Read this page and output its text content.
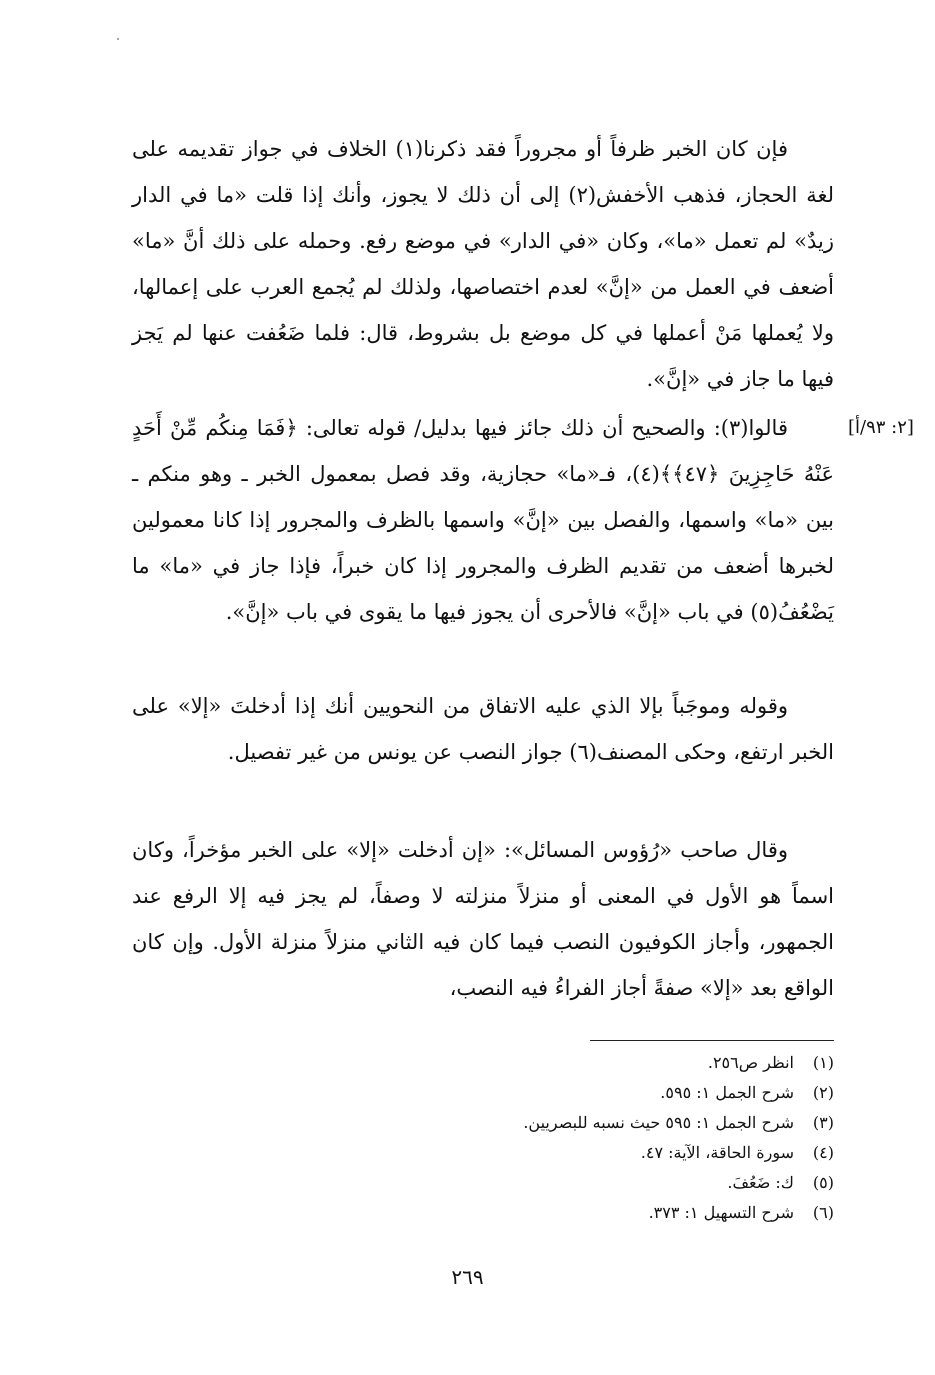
فإن كان الخبر ظرفاً أو مجروراً فقد ذكرنا(١) الخلاف في جواز تقديمه على لغة الحجاز، فذهب الأخفش(٢) إلى أن ذلك لا يجوز، وأنك إذا قلت «ما في الدار زيدٌ» لم تعمل «ما»، وكان «في الدار» في موضع رفع. وحمله على ذلك أنَّ «ما» أضعف في العمل من «إنَّ» لعدم اختصاصها، ولذلك لم يُجمع العرب على إعمالها، ولا يُعملها مَنْ أعملها في كل موضع بل بشروط، قال: فلما ضَعُفت عنها لم يَجز فيها ما جاز في «إنَّ».

[٢: ٩٣/أ]

قالوا(٣): والصحيح أن ذلك جائز فيها بدليل/ قوله تعالى: ﴿فَمَا مِنكُم مِّنْ أَحَدٍ عَنْهُ حَاجِزِينَ ﴿٤٧﴾﴾(٤)، فـ«ما» حجازية، وقد فصل بمعمول الخبر ـ وهو منكم ـ بين «ما» واسمها، والفصل بين «إنَّ» واسمها بالظرف والمجرور إذا كانا معمولين لخبرها أضعف من تقديم الظرف والمجرور إذا كان خبراً، فإذا جاز في «ما» ما يَضْعُفُ(٥) في باب «إنَّ» فالأحرى أن يجوز فيها ما يقوى في باب «إنَّ».

وقوله وموجَباً بإلا الذي عليه الاتفاق من النحويين أنك إذا أدخلتَ «إلا» على الخبر ارتفع، وحكى المصنف(٦) جواز النصب عن يونس من غير تفصيل.

وقال صاحب «رُؤوس المسائل»: «إن أدخلت «إلا» على الخبر مؤخراً، وكان اسماً هو الأول في المعنى أو منزلاً منزلته لا وصفاً، لم يجز فيه إلا الرفع عند الجمهور، وأجاز الكوفيون النصب فيما كان فيه الثاني منزلاً منزلة الأول. وإن كان الواقع بعد «إلا» صفةً أجاز الفراءُ فيه النصب،

(١)انظر ص٢٥٦.
(٢)شرح الجمل ١: ٥٩٥.
(٣)شرح الجمل ١: ٥٩٥ حيث نسبه للبصريين.
(٤)سورة الحاقة، الآية: ٤٧.
(٥)ك: ضَعُفَ.
(٦)شرح التسهيل ١: ٣٧٣.
٢٦٩
